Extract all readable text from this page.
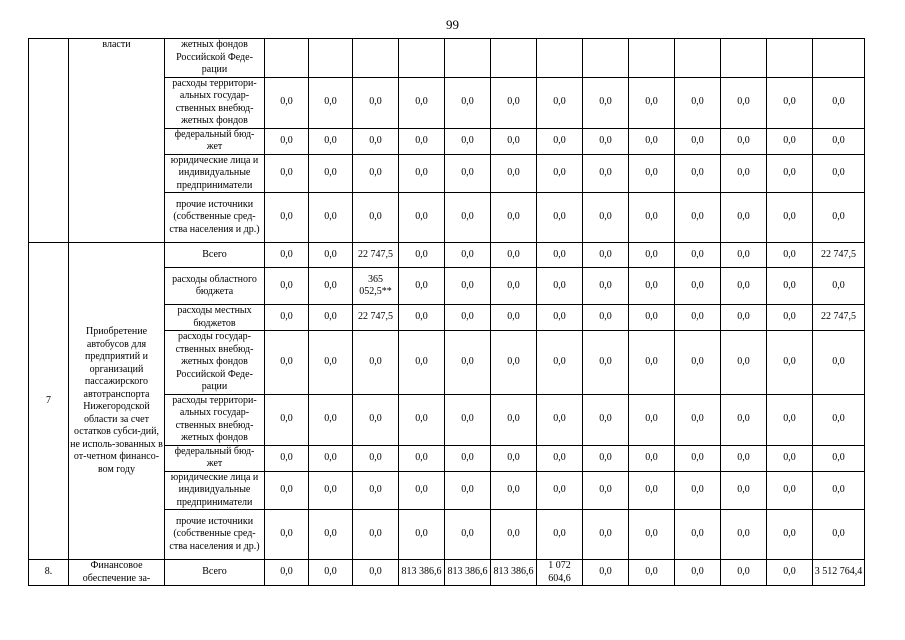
99
	власти	жетных фондов Российской Феде-рации													
		расходы территори-альных государ-ственных внебюд-жетных фондов	0,0	0,0	0,0	0,0	0,0	0,0	0,0	0,0	0,0	0,0	0,0	0,0	0,0
		федеральный бюд-жет	0,0	0,0	0,0	0,0	0,0	0,0	0,0	0,0	0,0	0,0	0,0	0,0	0,0
		юридические лица и индивидуальные предприниматели	0,0	0,0	0,0	0,0	0,0	0,0	0,0	0,0	0,0	0,0	0,0	0,0	0,0
		прочие источники (собственные сред-ства населения и др.)	0,0	0,0	0,0	0,0	0,0	0,0	0,0	0,0	0,0	0,0	0,0	0,0	0,0
7	Приобретение автобусов для предприятий и организаций пассажирского автотранспорта Нижегородской области за счет остатков субси-дий, не исполь-зованных в от-четном финансо-вом году	Всего	0,0	0,0	22 747,5	0,0	0,0	0,0	0,0	0,0	0,0	0,0	0,0	0,0	22 747,5
		расходы областного бюджета	0,0	0,0	365 052,5**	0,0	0,0	0,0	0,0	0,0	0,0	0,0	0,0	0,0	0,0
		расходы местных бюджетов	0,0	0,0	22 747,5	0,0	0,0	0,0	0,0	0,0	0,0	0,0	0,0	0,0	22 747,5
		расходы государ-ственных внебюд-жетных фондов Российской Феде-рации	0,0	0,0	0,0	0,0	0,0	0,0	0,0	0,0	0,0	0,0	0,0	0,0	0,0
		расходы территори-альных государ-ственных внебюд-жетных фондов	0,0	0,0	0,0	0,0	0,0	0,0	0,0	0,0	0,0	0,0	0,0	0,0	0,0
		федеральный бюд-жет	0,0	0,0	0,0	0,0	0,0	0,0	0,0	0,0	0,0	0,0	0,0	0,0	0,0
		юридические лица и индивидуальные предприниматели	0,0	0,0	0,0	0,0	0,0	0,0	0,0	0,0	0,0	0,0	0,0	0,0	0,0
		прочие источники (собственные сред-ства населения и др.)	0,0	0,0	0,0	0,0	0,0	0,0	0,0	0,0	0,0	0,0	0,0	0,0	0,0
8.	Финансовое обеспечение за-	Всего	0,0	0,0	0,0	813 386,6	813 386,6	813 386,6	1 072 604,6	0,0	0,0	0,0	0,0	0,0	3 512 764,4
